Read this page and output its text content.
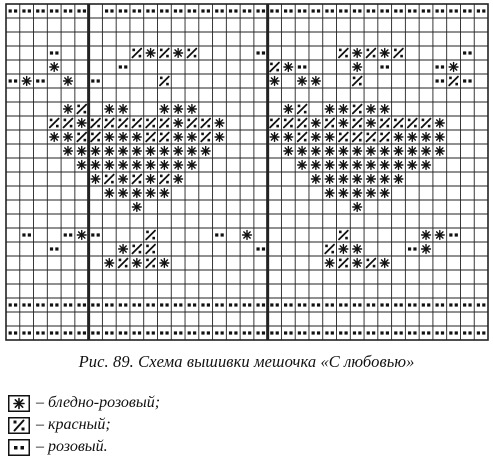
Рис. 89. Схема вышивки мешочка «С любовью»
– бледно-розовый;
– красный;
– розовый.
